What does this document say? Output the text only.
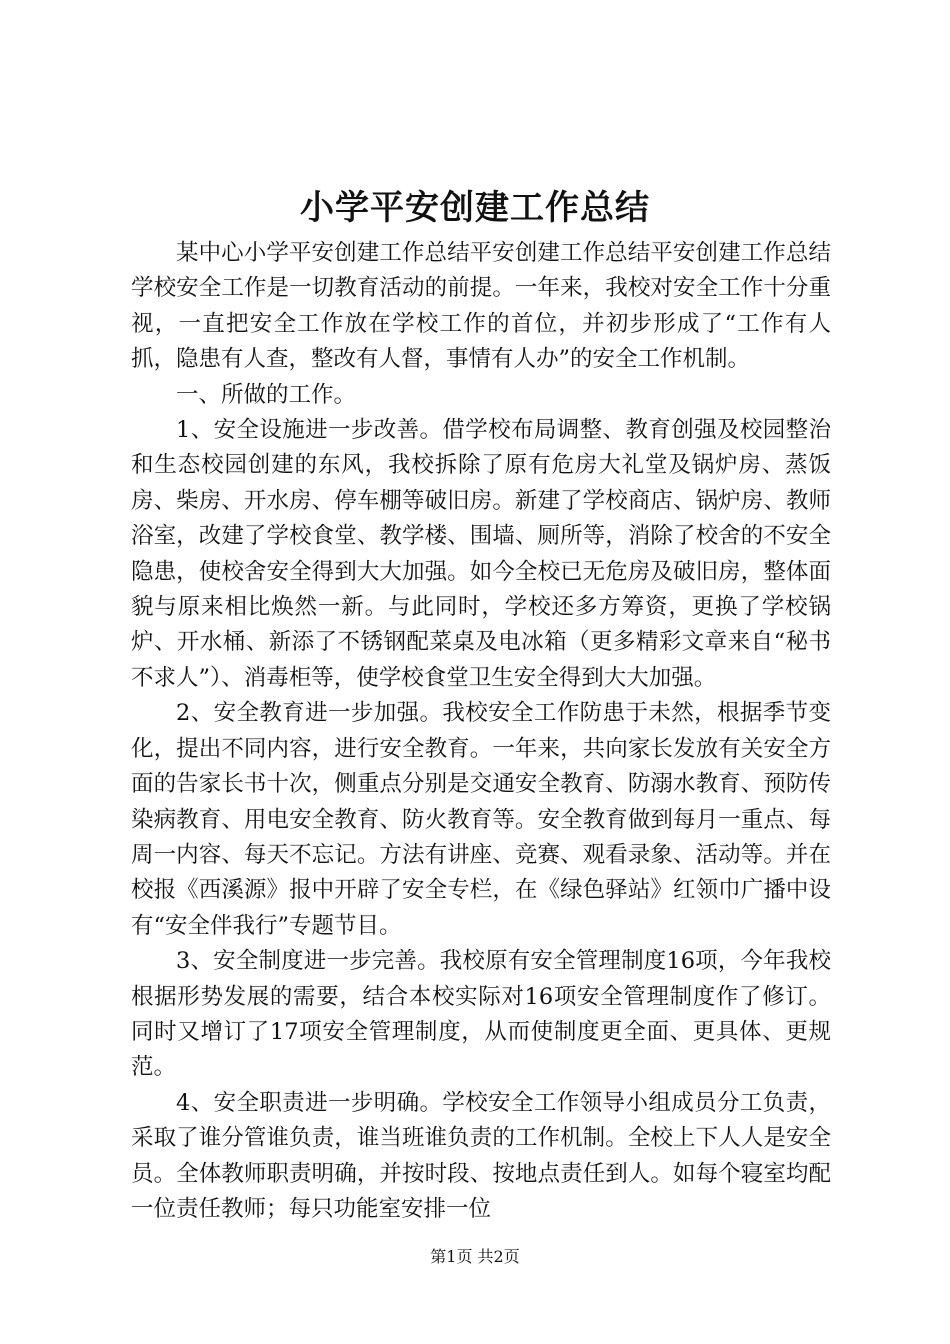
小学平安创建工作总结

某中心小学平安创建工作总结平安创建工作总结平安创建工作总结学校安全工作是一切教育活动的前提。一年来，我校对安全工作十分重视，一直把安全工作放在学校工作的首位，并初步形成了“工作有人抓，隐患有人查，整改有人督，事情有人办”的安全工作机制。

一、所做的工作。

1、安全设施进一步改善。借学校布局调整、教育创强及校园整治和生态校园创建的东风，我校拆除了原有危房大礼堂及锅炉房、蒸饭房、柴房、开水房、停车棚等破旧房。新建了学校商店、锅炉房、教师浴室，改建了学校食堂、教学楼、围墙、厕所等，消除了校舍的不安全隐患，使校舍安全得到大大加强。如今全校已无危房及破旧房，整体面貌与原来相比焕然一新。与此同时，学校还多方筹资，更换了学校锅炉、开水桶、新添了不锈钢配菜桌及电冰箱（更多精彩文章来自“秘书不求人”）、消毒柜等，使学校食堂卫生安全得到大大加强。

2、安全教育进一步加强。我校安全工作防患于未然，根据季节变化，提出不同内容，进行安全教育。一年来，共向家长发放有关安全方面的告家长书十次，侧重点分别是交通安全教育、防溺水教育、预防传染病教育、用电安全教育、防火教育等。安全教育做到每月一重点、每周一内容、每天不忘记。方法有讲座、竞赛、观看录象、活动等。并在校报《西溪源》报中开辟了安全专栏，在《绿色驿站》红领巾广播中设有“安全伴我行”专题节目。

3、安全制度进一步完善。我校原有安全管理制度16项，今年我校根据形势发展的需要，结合本校实际对16项安全管理制度作了修订。同时又增订了17项安全管理制度，从而使制度更全面、更具体、更规范。

4、安全职责进一步明确。学校安全工作领导小组成员分工负责，采取了谁分管谁负责，谁当班谁负责的工作机制。全校上下人人是安全员。全体教师职责明确，并按时段、按地点责任到人。如每个寝室均配一位责任教师；每只功能室安排一位

第1页 共2页
